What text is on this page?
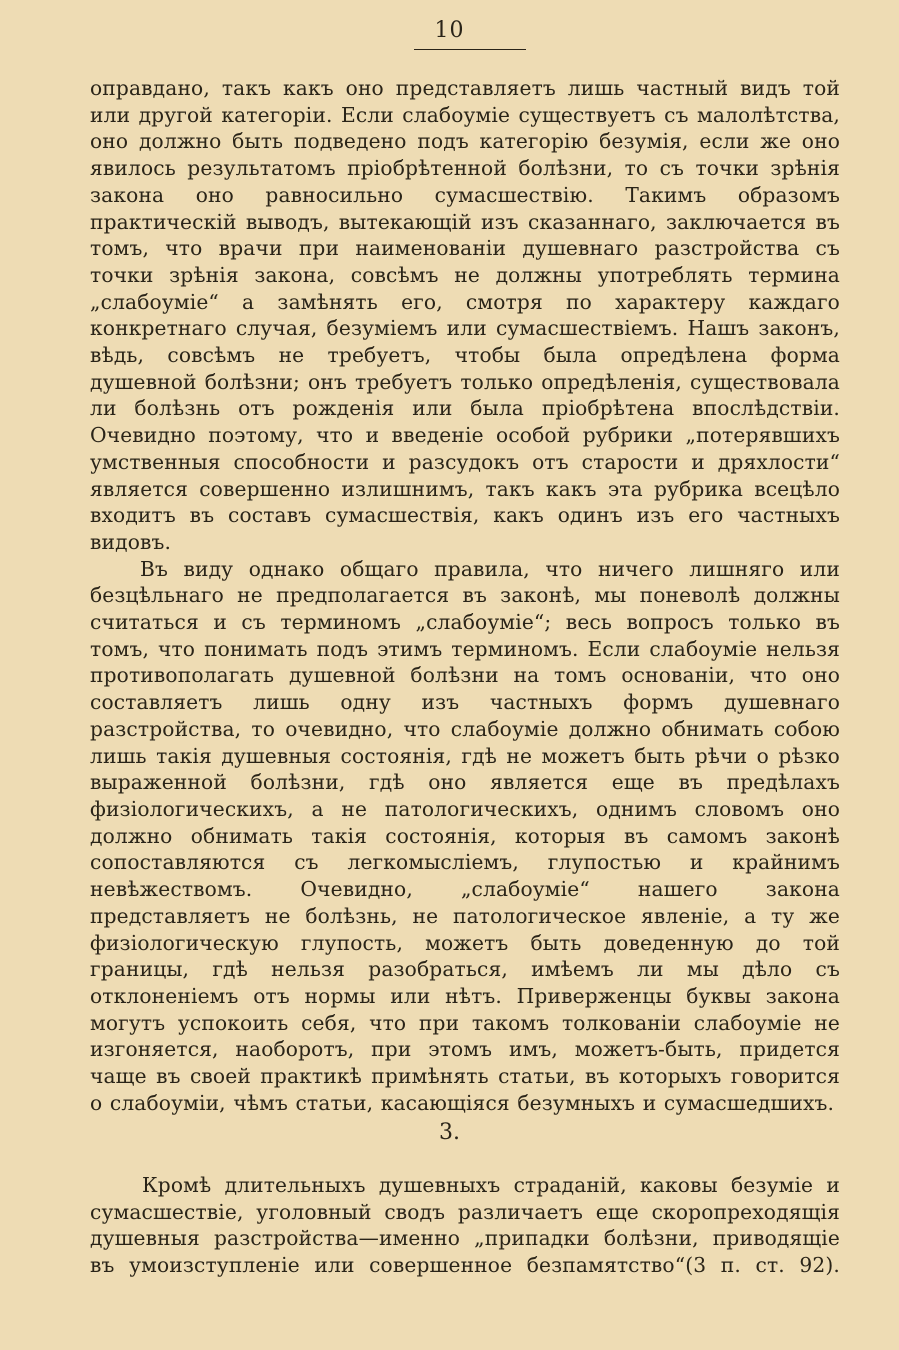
10

оправдано, такъ какъ оно представляетъ лишь частный видъ той или другой категоріи. Если слабоуміе существуетъ съ малолѣтства, оно должно быть подведено подъ категорію безумія, если же оно явилось результатомъ пріобрѣтенной болѣзни, то съ точки зрѣнія закона оно равносильно сумасшествію. Такимъ образомъ практическій выводъ, вытекающій изъ сказаннаго, заключается въ томъ, что врачи при наименованіи душевнаго разстройства съ точки зрѣнія закона, совсѣмъ не должны употреблять термина „слабоуміе“ а замѣнять его, смотря по характеру каждаго конкретнаго случая, безуміемъ или сумасшествіемъ. Нашъ законъ, вѣдь, совсѣмъ не требуетъ, чтобы была опредѣлена форма душевной болѣзни; онъ требуетъ только опредѣленія, существовала ли болѣзнь отъ рожденія или была пріобрѣтена впослѣдствіи. Очевидно поэтому, что и введеніе особой рубрики „потерявшихъ умственныя способности и разсудокъ отъ старости и дряхлости“ является совершенно излишнимъ, такъ какъ эта рубрика всецѣло входитъ въ составъ сумасшествія, какъ одинъ изъ его частныхъ видовъ.

Въ виду однако общаго правила, что ничего лишняго или безцѣльнаго не предполагается въ законѣ, мы поневолѣ должны считаться и съ терминомъ „слабоуміе“; весь вопросъ только въ томъ, что понимать подъ этимъ терминомъ. Если слабоуміе нельзя противополагать душевной болѣзни на томъ основаніи, что оно составляетъ лишь одну изъ частныхъ формъ душевнаго разстройства, то очевидно, что слабоуміе должно обнимать собою лишь такія душевныя состоянія, гдѣ не можетъ быть рѣчи о рѣзко выраженной болѣзни, гдѣ оно является еще въ предѣлахъ физіологическихъ, а не патологическихъ, однимъ словомъ оно должно обнимать такія состоянія, которыя въ самомъ законѣ сопоставляются съ легкомысліемъ, глупостью и крайнимъ невѣжествомъ. Очевидно, „слабоуміе“ нашего закона представляетъ не болѣзнь, не патологическое явленіе, а ту же физіологическую глупость, можетъ быть доведенную до той границы, гдѣ нельзя разобраться, имѣемъ ли мы дѣло съ отклоненіемъ отъ нормы или нѣтъ. Приверженцы буквы закона могутъ успокоить себя, что при такомъ толкованіи слабоуміе не изгоняется, наоборотъ, при этомъ имъ, можетъ-быть, придется чаще въ своей практикѣ примѣнять статьи, въ которыхъ говорится о слабоуміи, чѣмъ статьи, касающіяся безумныхъ и сумасшедшихъ.

3.

Кромѣ длительныхъ душевныхъ страданій, каковы безуміе и сумасшествіе, уголовный сводъ различаетъ еще скоропреходящія душевныя разстройства—именно „припадки болѣзни, приводящіе въ умоизступленіе или совершенное безпамятство“(3 п. ст. 92).
